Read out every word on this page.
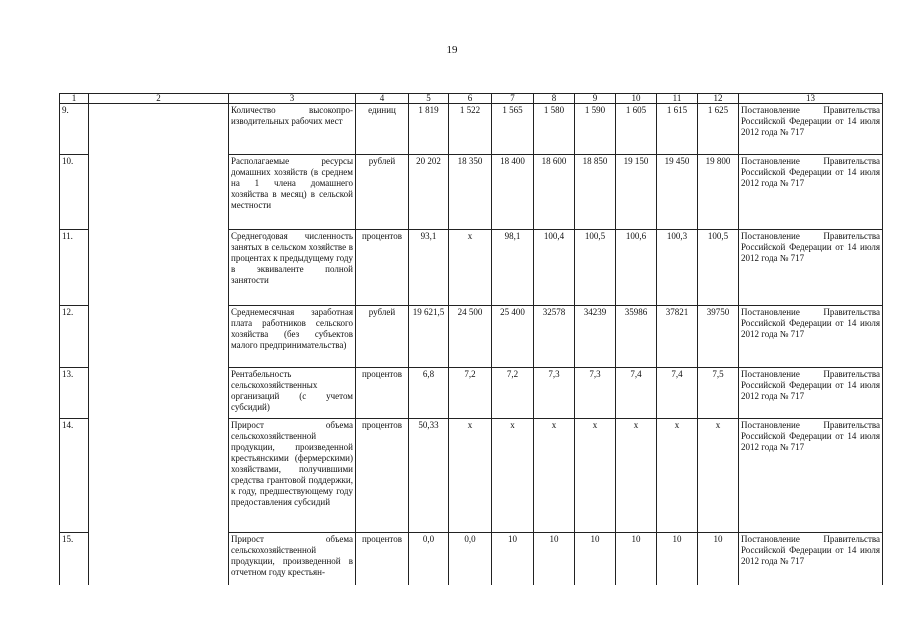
19
1	2	3	4	5	6	7	8	9	10	11	12	13
9.		Количество высокопро-изводительных рабочих мест	единиц	1 819	1 522	1 565	1 580	1 590	1 605	1 615	1 625	Постановление Правительства Российской Федерации от 14 июля 2012 года № 717
10.		Располагаемые ресурсы домашних хозяйств (в среднем на 1 члена домашнего хозяйства в месяц) в сельской местности	рублей	20 202	18 350	18 400	18 600	18 850	19 150	19 450	19 800	Постановление Правительства Российской Федерации от 14 июля 2012 года № 717
11.		Среднегодовая численность занятых в сельском хозяйстве в процентах к предыдущему году в эквиваленте полной занятости	процентов	93,1	х	98,1	100,4	100,5	100,6	100,3	100,5	Постановление Правительства Российской Федерации от 14 июля 2012 года № 717
12.		Среднемесячная заработная плата работников сельского хозяйства (без субъектов малого предпринимательства)	рублей	19 621,5	24 500	25 400	32578	34239	35986	37821	39750	Постановление Правительства Российской Федерации от 14 июля 2012 года № 717
13.		Рентабельность сельскохозяйственных организаций (с учетом субсидий)	процентов	6,8	7,2	7,2	7,3	7,3	7,4	7,4	7,5	Постановление Правительства Российской Федерации от 14 июля 2012 года № 717
14.		Прирост объема сельскохозяйственной продукции, произведенной крестьянскими (фермерскими) хозяйствами, получившими средства грантовой поддержки, к году, предшествующему году предоставления субсидий	процентов	50,33	х	х	х	х	х	х	х	Постановление Правительства Российской Федерации от 14 июля 2012 года № 717
15.		Прирост объема сельскохозяйственной продукции, произведенной в отчетном году крестьян-	процентов	0,0	0,0	10	10	10	10	10	10	Постановление Правительства Российской Федерации от 14 июля 2012 года № 717
